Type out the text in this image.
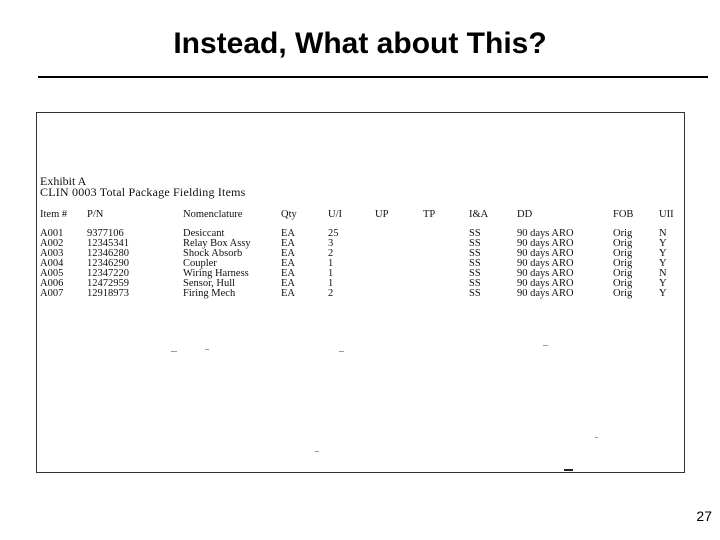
Instead, What about This?
Exhibit A
CLIN 0003 Total Package Fielding Items
Item #	P/N	Nomenclature	Qty	U/I	UP	TP	I&A	DD	FOB	UII
A001	9377106	Desiccant	EA	25			SS	90 days ARO	Orig	N
A002	12345341	Relay Box Assy	EA	3			SS	90 days ARO	Orig	Y
A003	12346280	Shock Absorb	EA	2			SS	90 days ARO	Orig	Y
A004	12346290	Coupler	EA	1			SS	90 days ARO	Orig	Y
A005	12347220	Wiring Harness	EA	1			SS	90 days ARO	Orig	N
A006	12472959	Sensor, Hull	EA	1			SS	90 days ARO	Orig	Y
A007	12918973	Firing Mech	EA	2			SS	90 days ARO	Orig	Y
27
